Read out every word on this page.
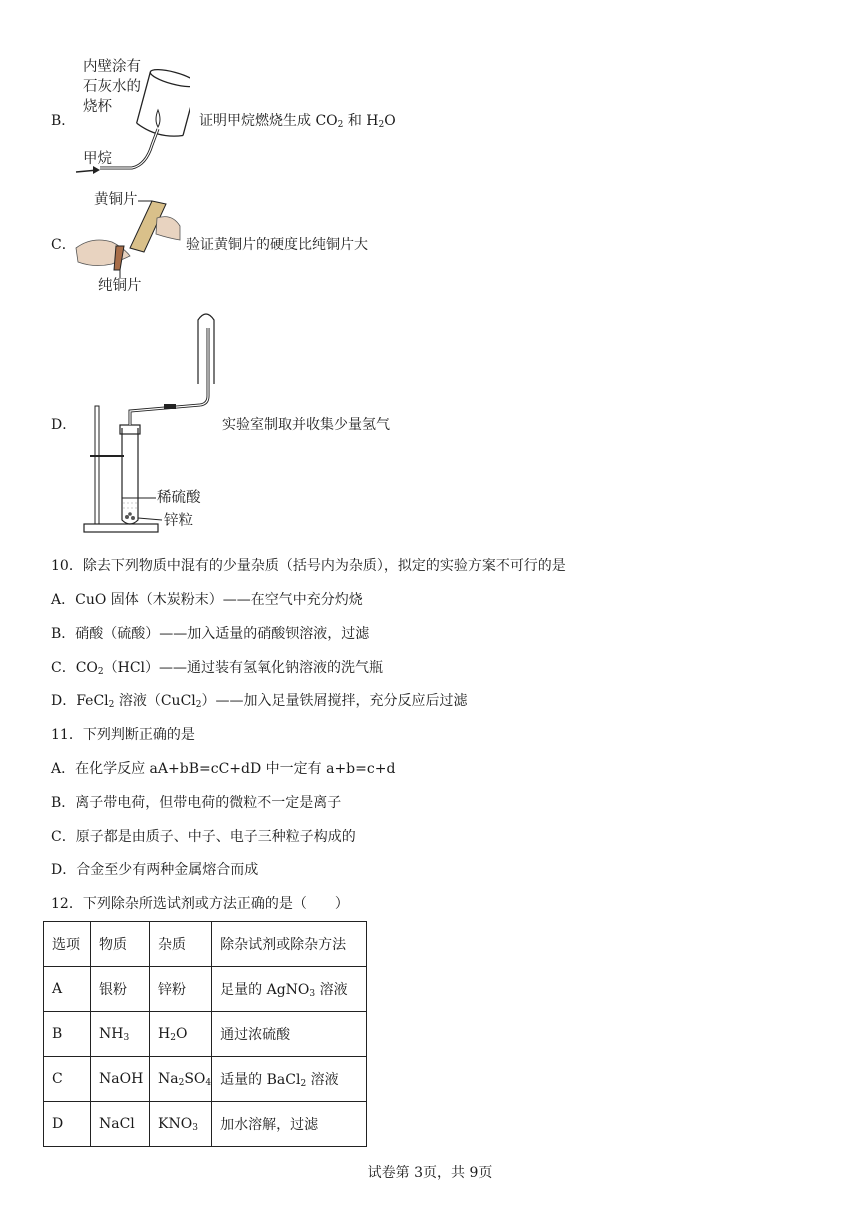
B．
内壁涂有
石灰水的
烧杯
甲烷
证明甲烷燃烧生成 $CO_2$ 和 $H_2O$
C．
黄铜片
纯铜片
验证黄铜片的硬度比纯铜片大
D．
稀硫酸
锌粒
实验室制取并收集少量氢气
10．除去下列物质中混有的少量杂质（括号内为杂质），拟定的实验方案不可行的是
A．CuO 固体（木炭粉末）——在空气中充分灼烧
B．硝酸（硫酸）——加入适量的硝酸钡溶液，过滤
C．$CO_2(HCl)——$通过装有氢氧化钠溶液的洗气瓶
D．FeCl$_2$ 溶液（CuCl$_2$）——加入足量铁屑搅拌，充分反应后过滤
11．下列判断正确的是
A．在化学反应 aA+bB=cC+dD 中一定有 a+b=c+d
B．离子带电荷，但带电荷的微粒不一定是离子
C．原子都是由质子、中子、电子三种粒子构成的
D．合金至少有两种金属熔合而成
12．下列除杂所选试剂或方法正确的是（　　）
选项	物质	杂质	除杂试剂或除杂方法
A	银粉	锌粉	足量的 AgNO$_3$ 溶液
B	$NH_3$	$H_2O$	通过浓硫酸
C	NaOH	$Na_2SO_4$	适量的 BaCl$_2$ 溶液
D	NaCl	$KNO_3$	加水溶解，过滤
试卷第 3页，共 9页
